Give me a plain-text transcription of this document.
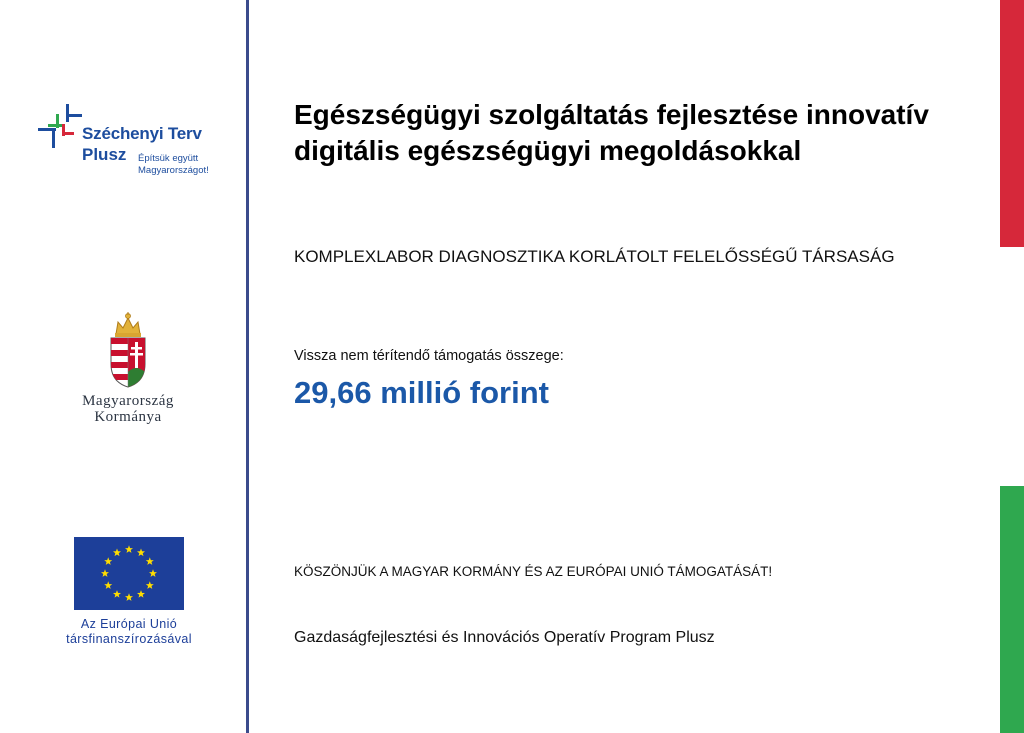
Széchenyi Terv
Plusz Építsük együtt
Magyarországot!
Magyarország
Kormánya
Az Európai Unió
társfinanszírozásával
Egészségügyi szolgáltatás fejlesztése innovatív digitális egészségügyi megoldásokkal
KOMPLEXLABOR DIAGNOSZTIKA KORLÁTOLT FELELŐSSÉGŰ TÁRSASÁG
Vissza nem térítendő támogatás összege:
29,66 millió forint
KÖSZÖNJÜK A MAGYAR KORMÁNY ÉS AZ EURÓPAI UNIÓ TÁMOGATÁSÁT!
Gazdaságfejlesztési és Innovációs Operatív Program Plusz
